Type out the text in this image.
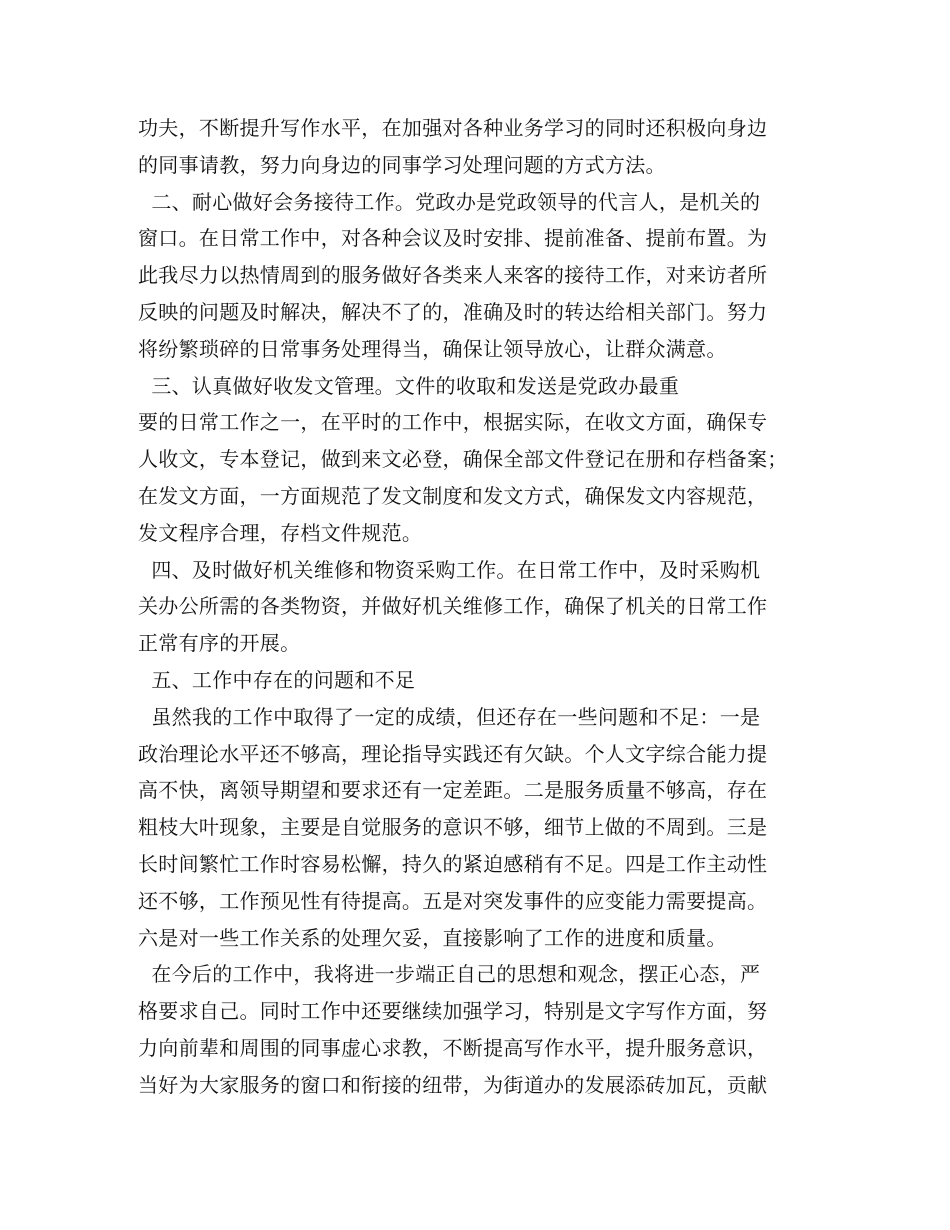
功夫，不断提升写作水平，在加强对各种业务学习的同时还积极向身边
的同事请教，努力向身边的同事学习处理问题的方式方法。
二、耐心做好会务接待工作。党政办是党政领导的代言人，是机关的
窗口。在日常工作中，对各种会议及时安排、提前准备、提前布置。为
此我尽力以热情周到的服务做好各类来人来客的接待工作，对来访者所
反映的问题及时解决，解决不了的，准确及时的转达给相关部门。努力
将纷繁琐碎的日常事务处理得当，确保让领导放心，让群众满意。
三、认真做好收发文管理。文件的收取和发送是党政办最重
要的日常工作之一，在平时的工作中，根据实际，在收文方面，确保专
人收文，专本登记，做到来文必登，确保全部文件登记在册和存档备案；
在发文方面，一方面规范了发文制度和发文方式，确保发文内容规范，
发文程序合理，存档文件规范。
四、及时做好机关维修和物资采购工作。在日常工作中，及时采购机
关办公所需的各类物资，并做好机关维修工作，确保了机关的日常工作
正常有序的开展。
五、工作中存在的问题和不足
虽然我的工作中取得了一定的成绩，但还存在一些问题和不足：一是
政治理论水平还不够高，理论指导实践还有欠缺。个人文字综合能力提
高不快，离领导期望和要求还有一定差距。二是服务质量不够高，存在
粗枝大叶现象，主要是自觉服务的意识不够，细节上做的不周到。三是
长时间繁忙工作时容易松懈，持久的紧迫感稍有不足。四是工作主动性
还不够，工作预见性有待提高。五是对突发事件的应变能力需要提高。
六是对一些工作关系的处理欠妥，直接影响了工作的进度和质量。
在今后的工作中，我将进一步端正自己的思想和观念，摆正心态，严
格要求自己。同时工作中还要继续加强学习，特别是文字写作方面，努
力向前辈和周围的同事虚心求教，不断提高写作水平，提升服务意识，
当好为大家服务的窗口和衔接的纽带，为街道办的发展添砖加瓦，贡献
